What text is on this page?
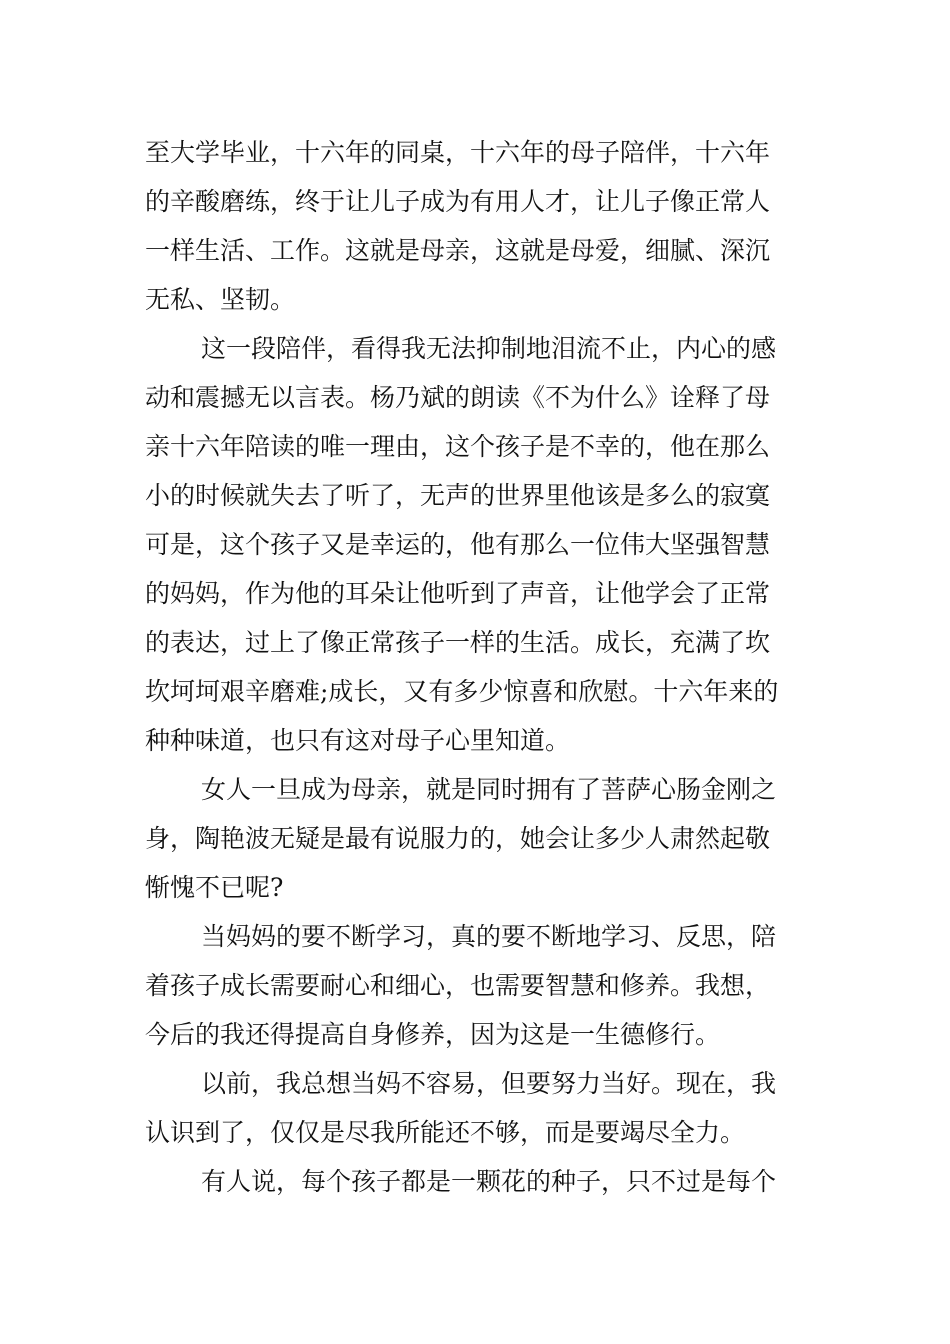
至大学毕业，十六年的同桌，十六年的母子陪伴，十六年
的辛酸磨练，终于让儿子成为有用人才，让儿子像正常人
一样生活、工作。这就是母亲，这就是母爱，细腻、深沉
无私、坚韧。
这一段陪伴，看得我无法抑制地泪流不止，内心的感
动和震撼无以言表。杨乃斌的朗读《不为什么》诠释了母
亲十六年陪读的唯一理由，这个孩子是不幸的，他在那么
小的时候就失去了听了，无声的世界里他该是多么的寂寞
可是，这个孩子又是幸运的，他有那么一位伟大坚强智慧
的妈妈，作为他的耳朵让他听到了声音，让他学会了正常
的表达，过上了像正常孩子一样的生活。成长，充满了坎
坎坷坷艰辛磨难;成长，又有多少惊喜和欣慰。十六年来的
种种味道，也只有这对母子心里知道。
女人一旦成为母亲，就是同时拥有了菩萨心肠金刚之
身，陶艳波无疑是最有说服力的，她会让多少人肃然起敬
惭愧不已呢?
当妈妈的要不断学习，真的要不断地学习、反思，陪
着孩子成长需要耐心和细心，也需要智慧和修养。我想，
今后的我还得提高自身修养，因为这是一生德修行。
以前，我总想当妈不容易，但要努力当好。现在，我
认识到了，仅仅是尽我所能还不够，而是要竭尽全力。
有人说，每个孩子都是一颗花的种子，只不过是每个
